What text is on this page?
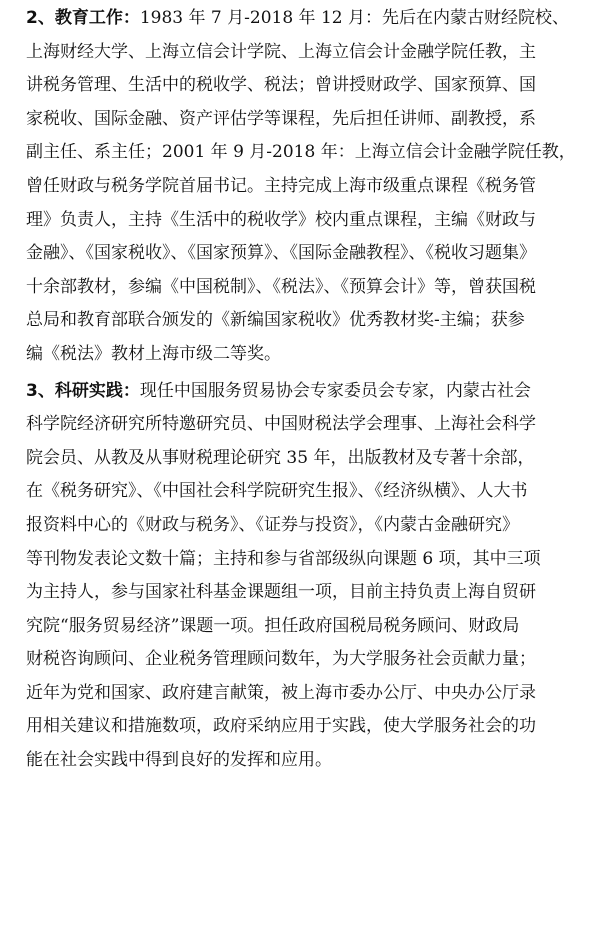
2、教育工作：1983 年 7 月-2018 年 12 月：先后在内蒙古财经院校、
上海财经大学、上海立信会计学院、上海立信会计金融学院任教，主
讲税务管理、生活中的税收学、税法；曾讲授财政学、国家预算、国
家税收、国际金融、资产评估学等课程，先后担任讲师、副教授，系
副主任、系主任；2001 年 9 月-2018 年：上海立信会计金融学院任教，
曾任财政与税务学院首届书记。主持完成上海市级重点课程《税务管
理》负责人，主持《生活中的税收学》校内重点课程，主编《财政与
金融》、《国家税收》、《国家预算》、《国际金融教程》、《税收习题集》
十余部教材，参编《中国税制》、《税法》、《预算会计》等，曾获国税
总局和教育部联合颁发的《新编国家税收》优秀教材奖-主编；获参
编《税法》教材上海市级二等奖。
3、科研实践：现任中国服务贸易协会专家委员会专家，内蒙古社会
科学院经济研究所特邀研究员、中国财税法学会理事、上海社会科学
院会员、从教及从事财税理论研究 35 年，出版教材及专著十余部，
在《税务研究》、《中国社会科学院研究生报》、《经济纵横》、人大书
报资料中心的《财政与税务》、《证券与投资》，《内蒙古金融研究》
等刊物发表论文数十篇；主持和参与省部级纵向课题 6 项，其中三项
为主持人，参与国家社科基金课题组一项，目前主持负责上海自贸研
究院“服务贸易经济”课题一项。担任政府国税局税务顾问、财政局
财税咨询顾问、企业税务管理顾问数年，为大学服务社会贡献力量；
近年为党和国家、政府建言献策，被上海市委办公厅、中央办公厅录
用相关建议和措施数项，政府采纳应用于实践，使大学服务社会的功
能在社会实践中得到良好的发挥和应用。
